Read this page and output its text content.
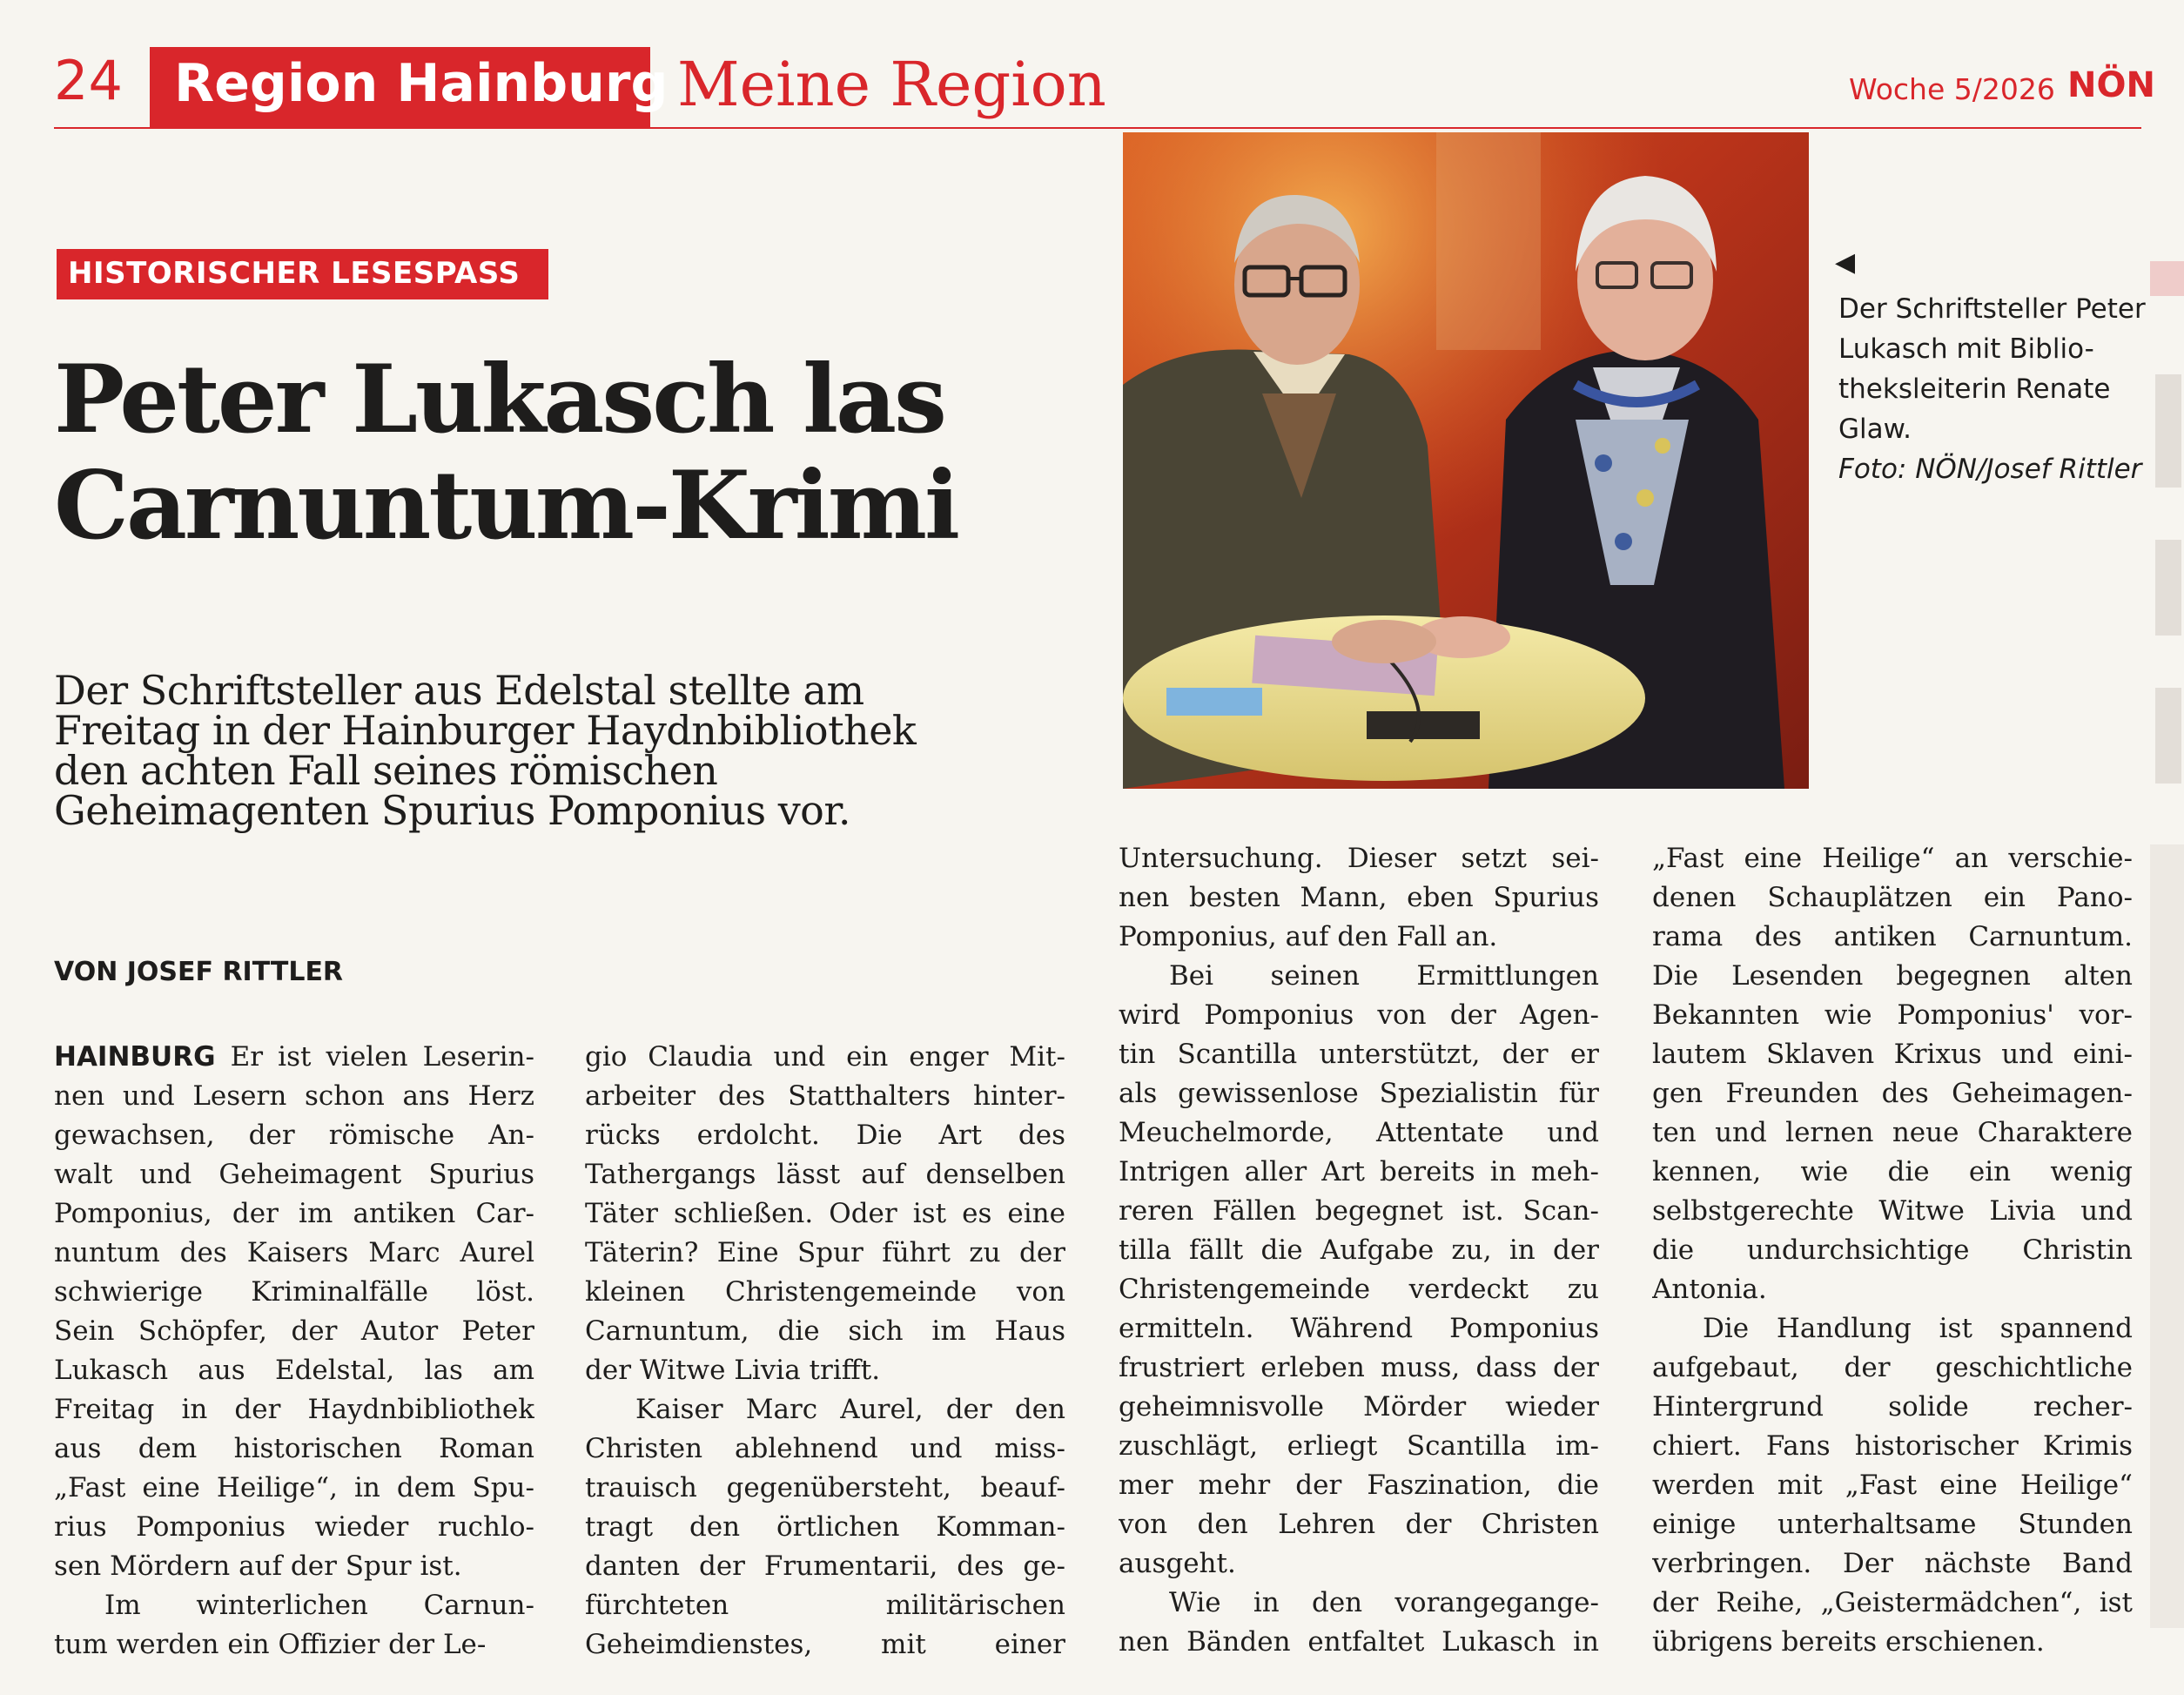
24 Region Hainburg Meine Region	Woche 5/2026 NÖN
HISTORISCHER LESESPASS
Peter Lukasch las
Carnuntum-Krimi
Der Schriftsteller aus Edelstal stellte am
Freitag in der Hainburger Haydnbibliothek
den achten Fall seines römischen
Geheimagenten Spurius Pomponius vor.
VON JOSEF RITTLER
HAINBURG Er ist vielen Leserin-
nen und Lesern schon ans Herz
gewachsen, der römische An-
walt und Geheimagent Spurius
Pomponius, der im antiken Car-
nuntum des Kaisers Marc Aurel
schwierige Kriminalfälle löst.
Sein Schöpfer, der Autor Peter
Lukasch aus Edelstal, las am
Freitag in der Haydnbibliothek
aus dem historischen Roman
„Fast eine Heilige“, in dem Spu-
rius Pomponius wieder ruchlo-
sen Mördern auf der Spur ist.
Im winterlichen Carnun-
tum werden ein Offizier der Le-
gio Claudia und ein enger Mit-
arbeiter des Statthalters hinter-
rücks erdolcht. Die Art des
Tathergangs lässt auf denselben
Täter schließen. Oder ist es eine
Täterin? Eine Spur führt zu der
kleinen Christengemeinde von
Carnuntum, die sich im Haus
der Witwe Livia trifft.
Kaiser Marc Aurel, der den
Christen ablehnend und miss-
trauisch gegenübersteht, beauf-
tragt den örtlichen Komman-
danten der Frumentarii, des ge-
fürchteten militärischen
Geheimdienstes, mit einer
Untersuchung. Dieser setzt sei-
nen besten Mann, eben Spurius
Pomponius, auf den Fall an.
Bei seinen Ermittlungen
wird Pomponius von der Agen-
tin Scantilla unterstützt, der er
als gewissenlose Spezialistin für
Meuchelmorde, Attentate und
Intrigen aller Art bereits in meh-
reren Fällen begegnet ist. Scan-
tilla fällt die Aufgabe zu, in der
Christengemeinde verdeckt zu
ermitteln. Während Pomponius
frustriert erleben muss, dass der
geheimnisvolle Mörder wieder
zuschlägt, erliegt Scantilla im-
mer mehr der Faszination, die
von den Lehren der Christen
ausgeht.
Wie in den vorangegange-
nen Bänden entfaltet Lukasch in
„Fast eine Heilige“ an verschie-
denen Schauplätzen ein Pano-
rama des antiken Carnuntum.
Die Lesenden begegnen alten
Bekannten wie Pomponius' vor-
lautem Sklaven Krixus und eini-
gen Freunden des Geheimagen-
ten und lernen neue Charaktere
kennen, wie die ein wenig
selbstgerechte Witwe Livia und
die undurchsichtige Christin
Antonia.
Die Handlung ist spannend
aufgebaut, der geschichtliche
Hintergrund solide recher-
chiert. Fans historischer Krimis
werden mit „Fast eine Heilige“
einige unterhaltsame Stunden
verbringen. Der nächste Band
der Reihe, „Geistermädchen“, ist
übrigens bereits erschienen.
◀
Der Schriftsteller Peter
Lukasch mit Biblio-
theksleiterin Renate
Glaw.
Foto: NÖN/Josef Rittler
